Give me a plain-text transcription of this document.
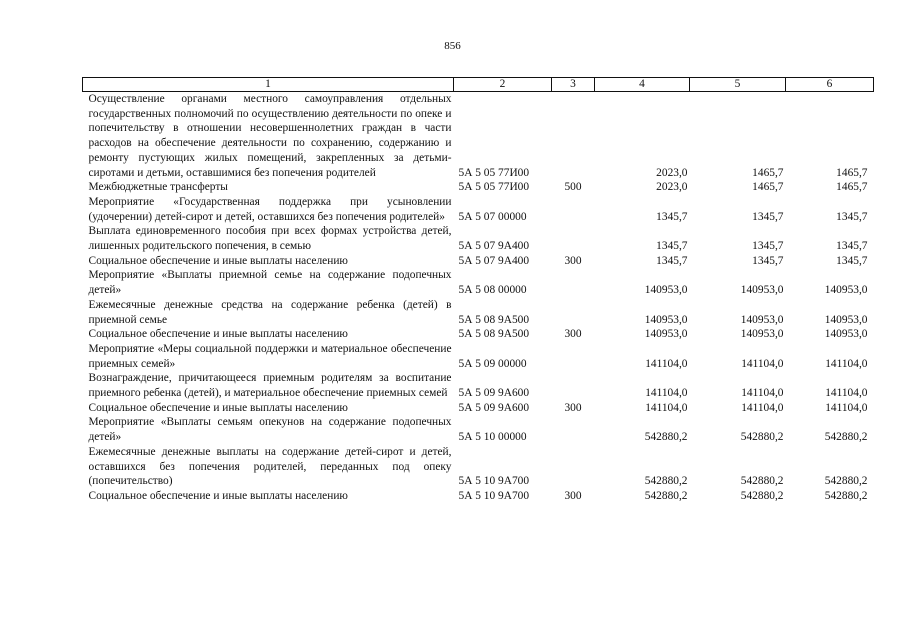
856
1	2	3	4	5	6
Осуществление органами местного самоуправления отдельных государственных полномочий по осуществлению деятельности по опеке и попечительству в отношении несовершеннолетних граждан в части расходов на обеспечение деятельности по сохранению, содержанию и ремонту пустующих жилых помещений, закрепленных за детьми-сиротами и детьми, оставшимися без попечения родителей	5А 5 05 77И00		2023,0	1465,7	1465,7
Межбюджетные трансферты	5А 5 05 77И00	500	2023,0	1465,7	1465,7
Мероприятие «Государственная поддержка при усыновлении (удочерении) детей-сирот и детей, оставшихся без попечения родителей»	5А 5 07 00000		1345,7	1345,7	1345,7
Выплата единовременного пособия при всех формах устройства детей, лишенных родительского попечения, в семью	5А 5 07 9А400		1345,7	1345,7	1345,7
Социальное обеспечение и иные выплаты населению	5А 5 07 9А400	300	1345,7	1345,7	1345,7
Мероприятие «Выплаты приемной семье на содержание подопечных детей»	5А 5 08 00000		140953,0	140953,0	140953,0
Ежемесячные денежные средства на содержание ребенка (детей) в приемной семье	5А 5 08 9А500		140953,0	140953,0	140953,0
Социальное обеспечение и иные выплаты населению	5А 5 08 9А500	300	140953,0	140953,0	140953,0
Мероприятие «Меры социальной поддержки и материальное обеспечение приемных семей»	5А 5 09 00000		141104,0	141104,0	141104,0
Вознаграждение, причитающееся приемным родителям за воспитание приемного ребенка (детей), и материальное обеспечение приемных семей	5А 5 09 9А600		141104,0	141104,0	141104,0
Социальное обеспечение и иные выплаты населению	5А 5 09 9А600	300	141104,0	141104,0	141104,0
Мероприятие «Выплаты семьям опекунов на содержание подопечных детей»	5А 5 10 00000		542880,2	542880,2	542880,2
Ежемесячные денежные выплаты на содержание детей-сирот и детей, оставшихся без попечения родителей, переданных под опеку (попечительство)	5А 5 10 9А700		542880,2	542880,2	542880,2
Социальное обеспечение и иные выплаты населению	5А 5 10 9А700	300	542880,2	542880,2	542880,2
